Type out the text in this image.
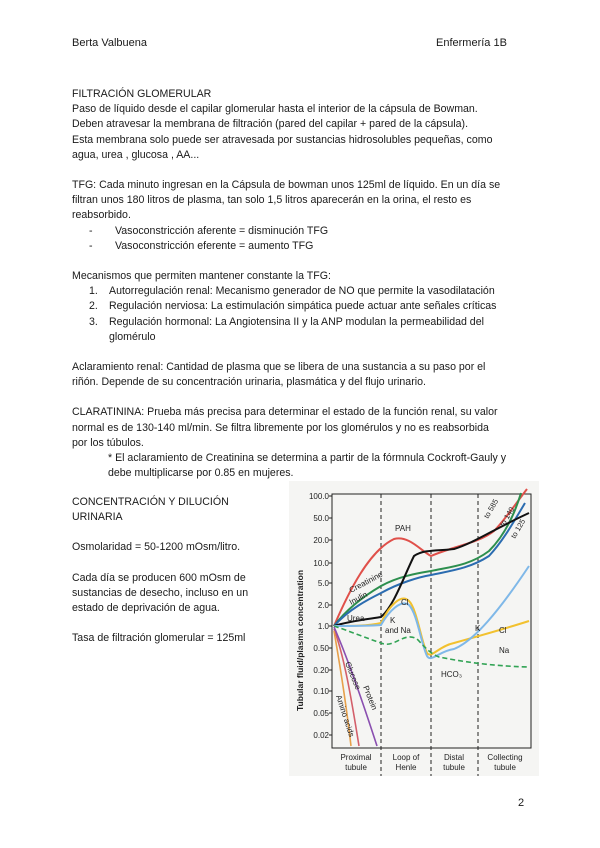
Berta Valbuena	Enfermería 1B

FILTRACIÓN GLOMERULAR

Paso de líquido desde el capilar glomerular hasta el interior de la cápsula de Bowman.

Deben atravesar la membrana de filtración (pared del capilar + pared de la cápsula).

Esta membrana solo puede ser atravesada por sustancias hidrosolubles pequeñas, como

agua, urea , glucosa , AA...

TFG: Cada minuto ingresan en la Cápsula de bowman unos 125ml de líquido. En un día se

filtran unos 180 litros de plasma, tan solo 1,5 litros aparecerán en la orina, el resto es

reabsorbido.

-	Vasoconstricción aferente = disminución TFG
-	Vasoconstricción eferente = aumento TFG

Mecanismos que permiten mantener constante la TFG:

1.	Autorregulación renal: Mecanismo generador de NO que permite la vasodilatación
2.	Regulación nerviosa: La estimulación simpática puede actuar ante señales críticas
3.	Regulación hormonal: La Angiotensina II y la ANP modulan la permeabilidad del
glomérulo

Aclaramiento renal: Cantidad de plasma que se libera de una sustancia a su paso por el

riñón. Depende de su concentración urinaria, plasmática y del flujo urinario.

CLARATININA: Prueba más precisa para determinar el estado de la función renal, su valor

normal es de 130-140 ml/min. Se filtra libremente por los glomérulos y no es reabsorbida

por los túbulos.

* El aclaramiento de Creatinina se determina a partir de la fórmnula Cockroft-Gauly y

debe multiplicarse por 0.85 en mujeres.

CONCENTRACIÓN Y DILUCIÓN

URINARIA

Osmolaridad = 50-1200 mOsm/litro.

Cada día se producen 600 mOsm de

sustancias de desecho, incluso en un

estado de deprivación de agua.

Tasa de filtración glomerular = 125ml	Tubular fluid/plasma concentration
100.0
50.0
20.0
10.0
5.0
2.0
1.0
0.50
0.20
0.10
0.05
0.02
PAH
Creatinine
Inulin
Urea
Cl
K
and Na	K Cl
Na
HCO₃
Glucose
Protein
Amino acids
to 585
to 140
to 125
Proximal
tubule
Loop of
Henle
Distal
tubule
Collecting
tubule
2
